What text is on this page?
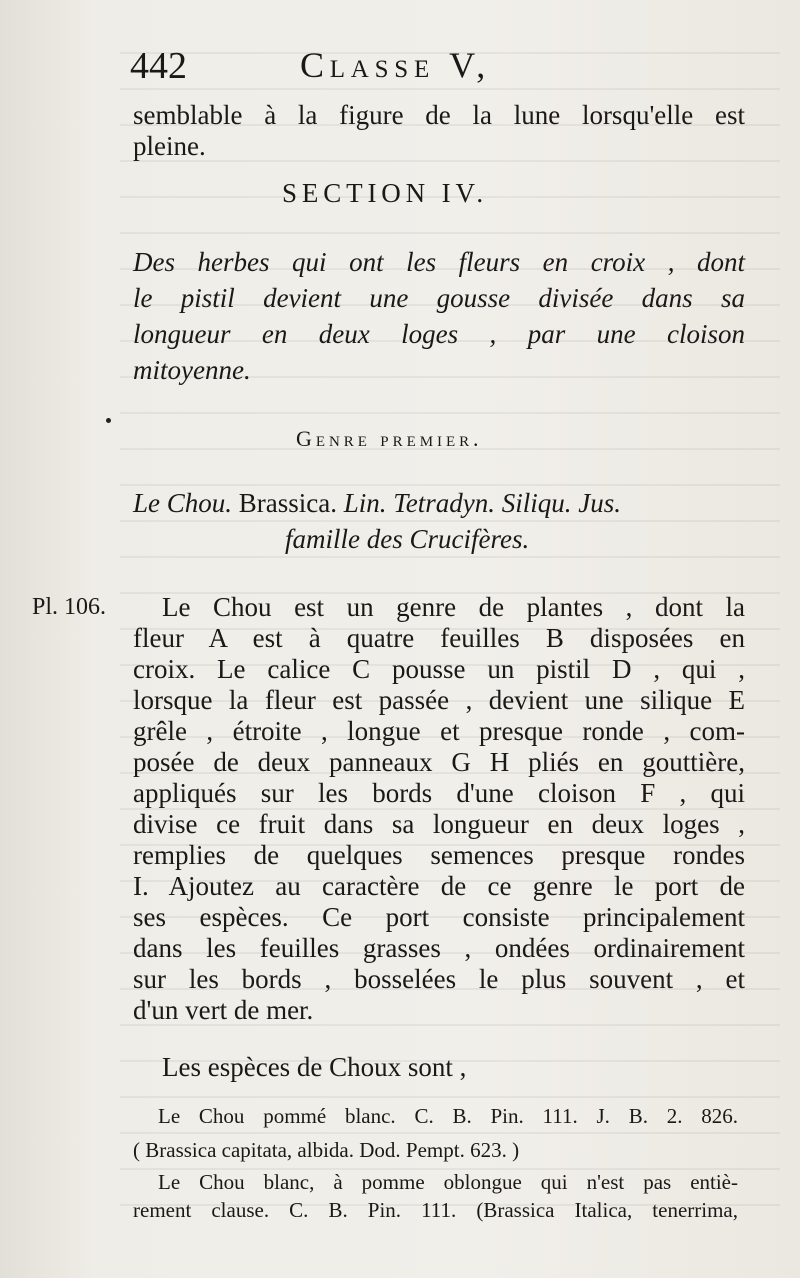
442	Classe V,
semblable à la figure de la lune lorsqu'elle est
pleine.
SECTION IV.
Des herbes qui ont les fleurs en croix , dont
le pistil devient une gousse divisée dans sa
longueur en deux loges , par une cloison
mitoyenne.
Genre premier.
Le Chou. Brassica. Lin. Tetradyn. Siliqu. Jus.
famille des Crucifères.
Pl. 106. Le Chou est un genre de plantes , dont la
fleur A est à quatre feuilles B disposées en
croix. Le calice C pousse un pistil D , qui ,
lorsque la fleur est passée , devient une silique E
grêle , étroite , longue et presque ronde , com-
posée de deux panneaux G H pliés en gouttière,
appliqués sur les bords d'une cloison F , qui
divise ce fruit dans sa longueur en deux loges ,
remplies de quelques semences presque rondes
I. Ajoutez au caractère de ce genre le port de
ses espèces. Ce port consiste principalement
dans les feuilles grasses , ondées ordinairement
sur les bords , bosselées le plus souvent , et
d'un vert de mer.
Les espèces de Choux sont ,
Le Chou pommé blanc. C. B. Pin. 111. J. B. 2. 826.
( Brassica capitata, albida. Dod. Pempt. 623. )
Le Chou blanc, à pomme oblongue qui n'est pas entiè-
rement clause. C. B. Pin. 111. (Brassica Italica, tenerrima,
